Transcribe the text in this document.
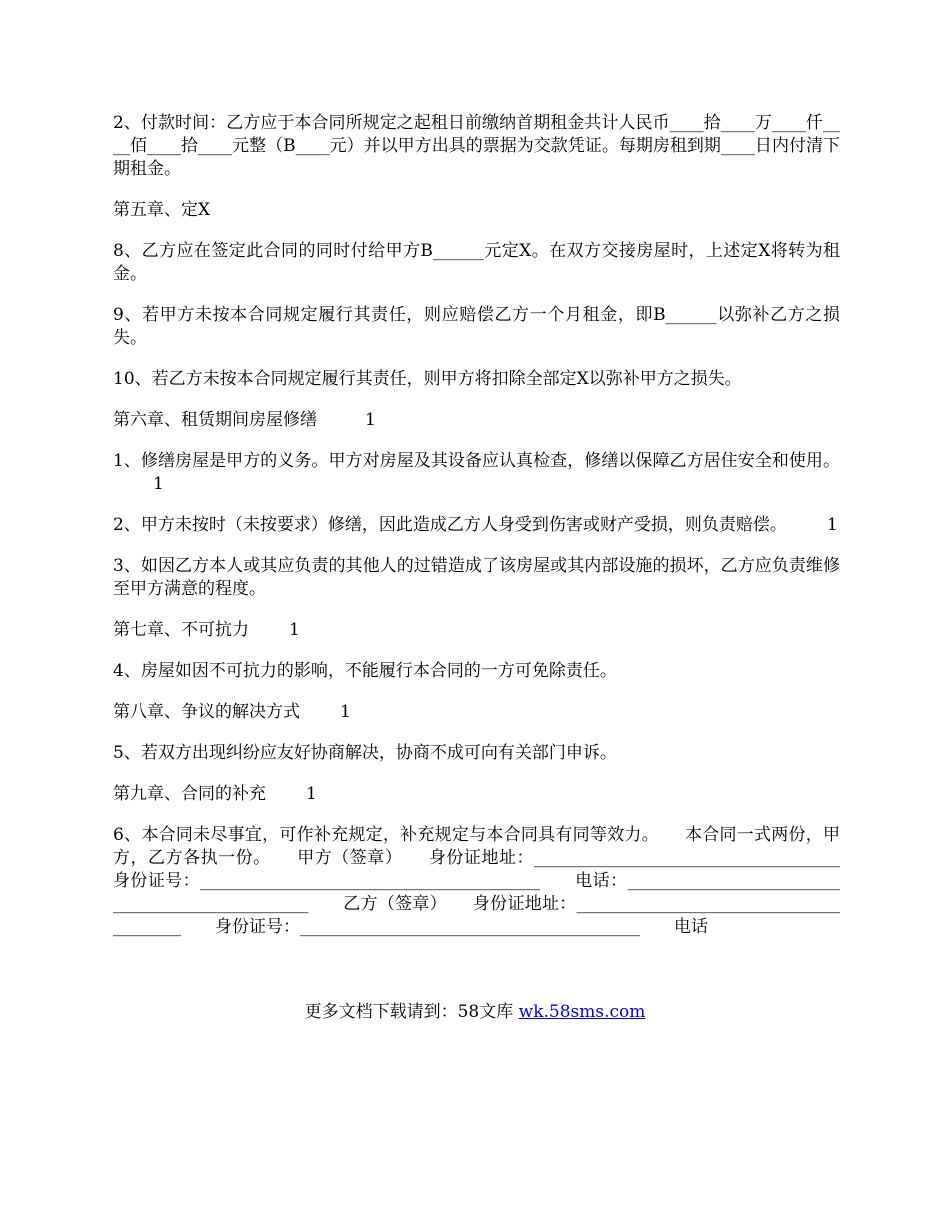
2、付款时间：乙方应于本合同所规定之起租日前缴纳首期租金共计人民币____拾____万____仟____佰____拾____元整（B____元）并以甲方出具的票据为交款凭证。每期房租到期____日内付清下期租金。

第五章、定X

8、乙方应在签定此合同的同时付给甲方B______元定X。在双方交接房屋时，上述定X将转为租金。

9、若甲方未按本合同规定履行其责任，则应赔偿乙方一个月租金，即B______以弥补乙方之损失。

10、若乙方未按本合同规定履行其责任，则甲方将扣除全部定X以弥补甲方之损失。

第六章、租赁期间房屋修缮	1

1、修缮房屋是甲方的义务。甲方对房屋及其设备应认真检查，修缮以保障乙方居住安全和使用。1

2、甲方未按时（未按要求）修缮，因此造成乙方人身受到伤害或财产受损，则负责赔偿。 1

3、如因乙方本人或其应负责的其他人的过错造成了该房屋或其内部设施的损坏，乙方应负责维修至甲方满意的程度。

第七章、不可抗力 1

4、房屋如因不可抗力的影响，不能履行本合同的一方可免除责任。

第八章、争议的解决方式 1

5、若双方出现纠纷应友好协商解决，协商不成可向有关部门申诉。

第九章、合同的补充 1

6、本合同未尽事宜，可作补充规定，补充规定与本合同具有同等效力。　　本合同一式两份，甲方，乙方各执一份。　　甲方（签章）　　身份证地址：____________________________________　　身份证号：________________________________________　　电话：________________________________________________　　乙方（签章）　　身份证地址：_______________________________________　　身份证号：________________________________________　　电话

更多文档下载请到：58文库 wk.58sms.com
